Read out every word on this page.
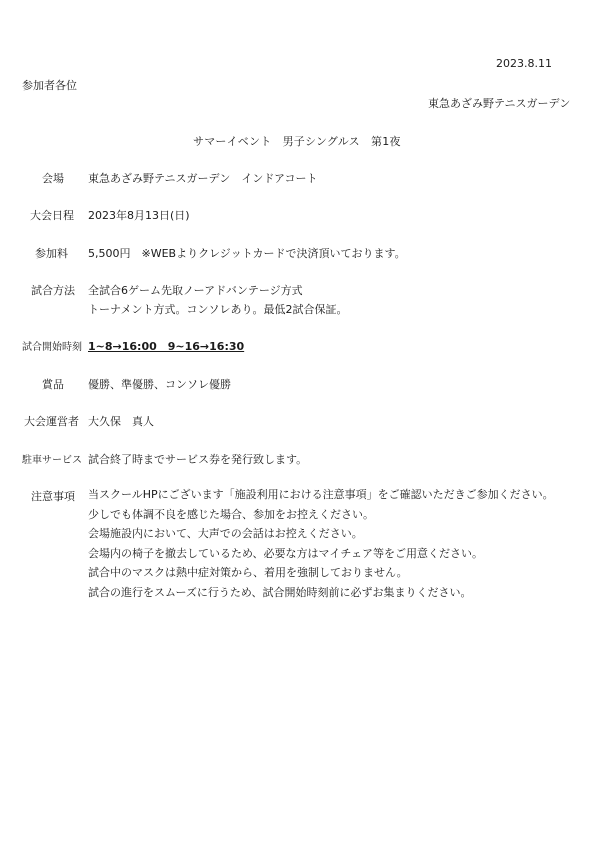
2023.8.11
参加者各位
東急あざみ野テニスガーデン
サマーイベント　男子シングルス　第1夜
会場	東急あざみ野テニスガーデン　インドアコート
大会日程 2023年8月13日(日)
参加料 5,500円　※WEBよりクレジットカードで決済頂いております。
試合方法 全試合6ゲーム先取ノーアドバンテージ方式
トーナメント方式。コンソレあり。最低2試合保証。
試合開始時刻 1~8→16:00　9~16→16:30
賞品 優勝、準優勝、コンソレ優勝
大会運営者 大久保　真人
駐車サービス 試合終了時までサービス券を発行致します。
注意事項 当スクールHPにございます「施設利用における注意事項」をご確認いただきご参加ください。
少しでも体調不良を感じた場合、参加をお控えください。
会場施設内において、大声での会話はお控えください。
会場内の椅子を撤去しているため、必要な方はマイチェア等をご用意ください。
試合中のマスクは熱中症対策から、着用を強制しておりません。
試合の進行をスムーズに行うため、試合開始時刻前に必ずお集まりください。
